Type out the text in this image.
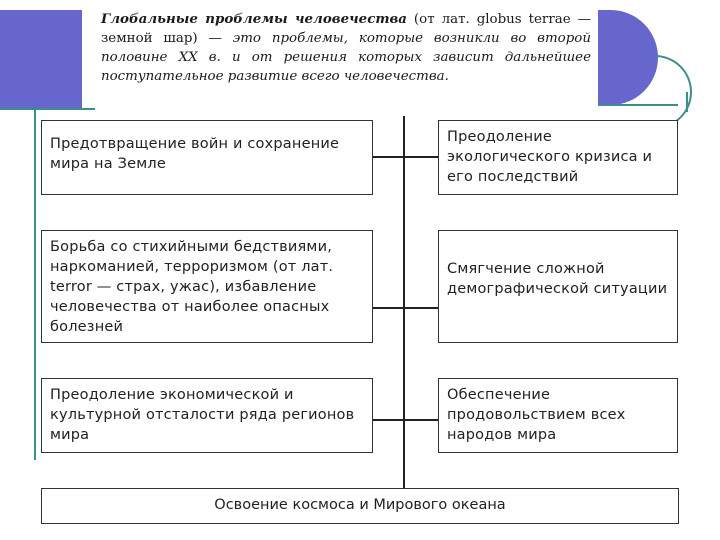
Глобальные проблемы человечества (от лат. globus terrae — земной шар) — это проблемы, которые возникли во второй половине XX в. и от решения которых зависит дальнейшее поступательное развитие всего человечества.
Предотвращение войн и сохранение мира на Земле
Борьба со стихийными бедствиями, наркоманией, терроризмом (от лат. terror — страх, ужас), избавление человечества от наиболее опасных болезней
Преодоление экономической и культурной отсталости ряда регионов мира
Преодоление экологического кризиса и его последствий
Смягчение сложной демографической ситуации
Обеспечение продовольствием всех народов мира
Освоение космоса и Мирового океана
